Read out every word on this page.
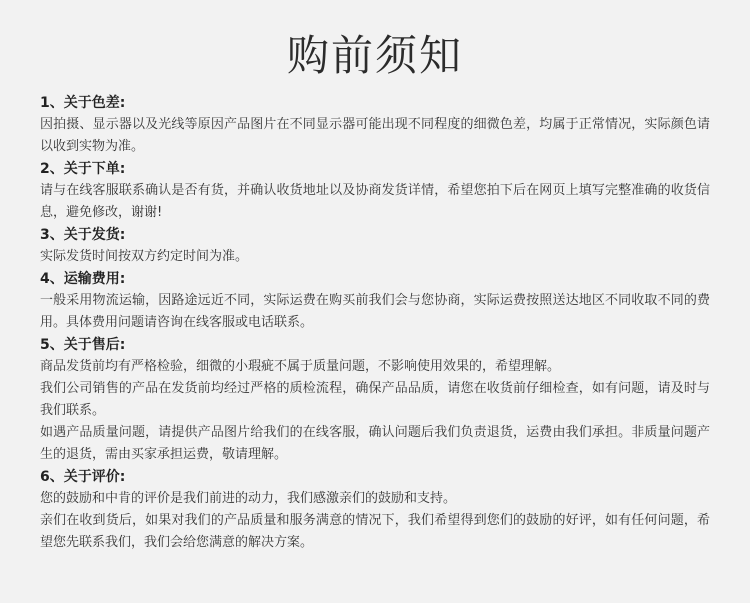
购前须知
1、关于色差:

因拍摄、显示器以及光线等原因产品图片在不同显示器可能出现不同程度的细微色差，均属于正常情况，实际颜色请以收到实物为准。

2、关于下单:

请与在线客服联系确认是否有货，并确认收货地址以及协商发货详情，希望您拍下后在网页上填写完整准确的收货信息，避免修改，谢谢!

3、关于发货:

实际发货时间按双方约定时间为准。

4、运输费用:

一般采用物流运输，因路途远近不同，实际运费在购买前我们会与您协商，实际运费按照送达地区不同收取不同的费用。具体费用问题请咨询在线客服或电话联系。

5、关于售后:

商品发货前均有严格检验，细微的小瑕疵不属于质量问题，不影响使用效果的，希望理解。

我们公司销售的产品在发货前均经过严格的质检流程，确保产品品质，请您在收货前仔细检查，如有问题，请及时与我们联系。

如遇产品质量问题，请提供产品图片给我们的在线客服，确认问题后我们负责退货，运费由我们承担。非质量问题产生的退货，需由买家承担运费，敬请理解。

6、关于评价:

您的鼓励和中肯的评价是我们前进的动力，我们感激亲们的鼓励和支持。

亲们在收到货后，如果对我们的产品质量和服务满意的情况下，我们希望得到您们的鼓励的好评，如有任何问题，希望您先联系我们，我们会给您满意的解决方案。
